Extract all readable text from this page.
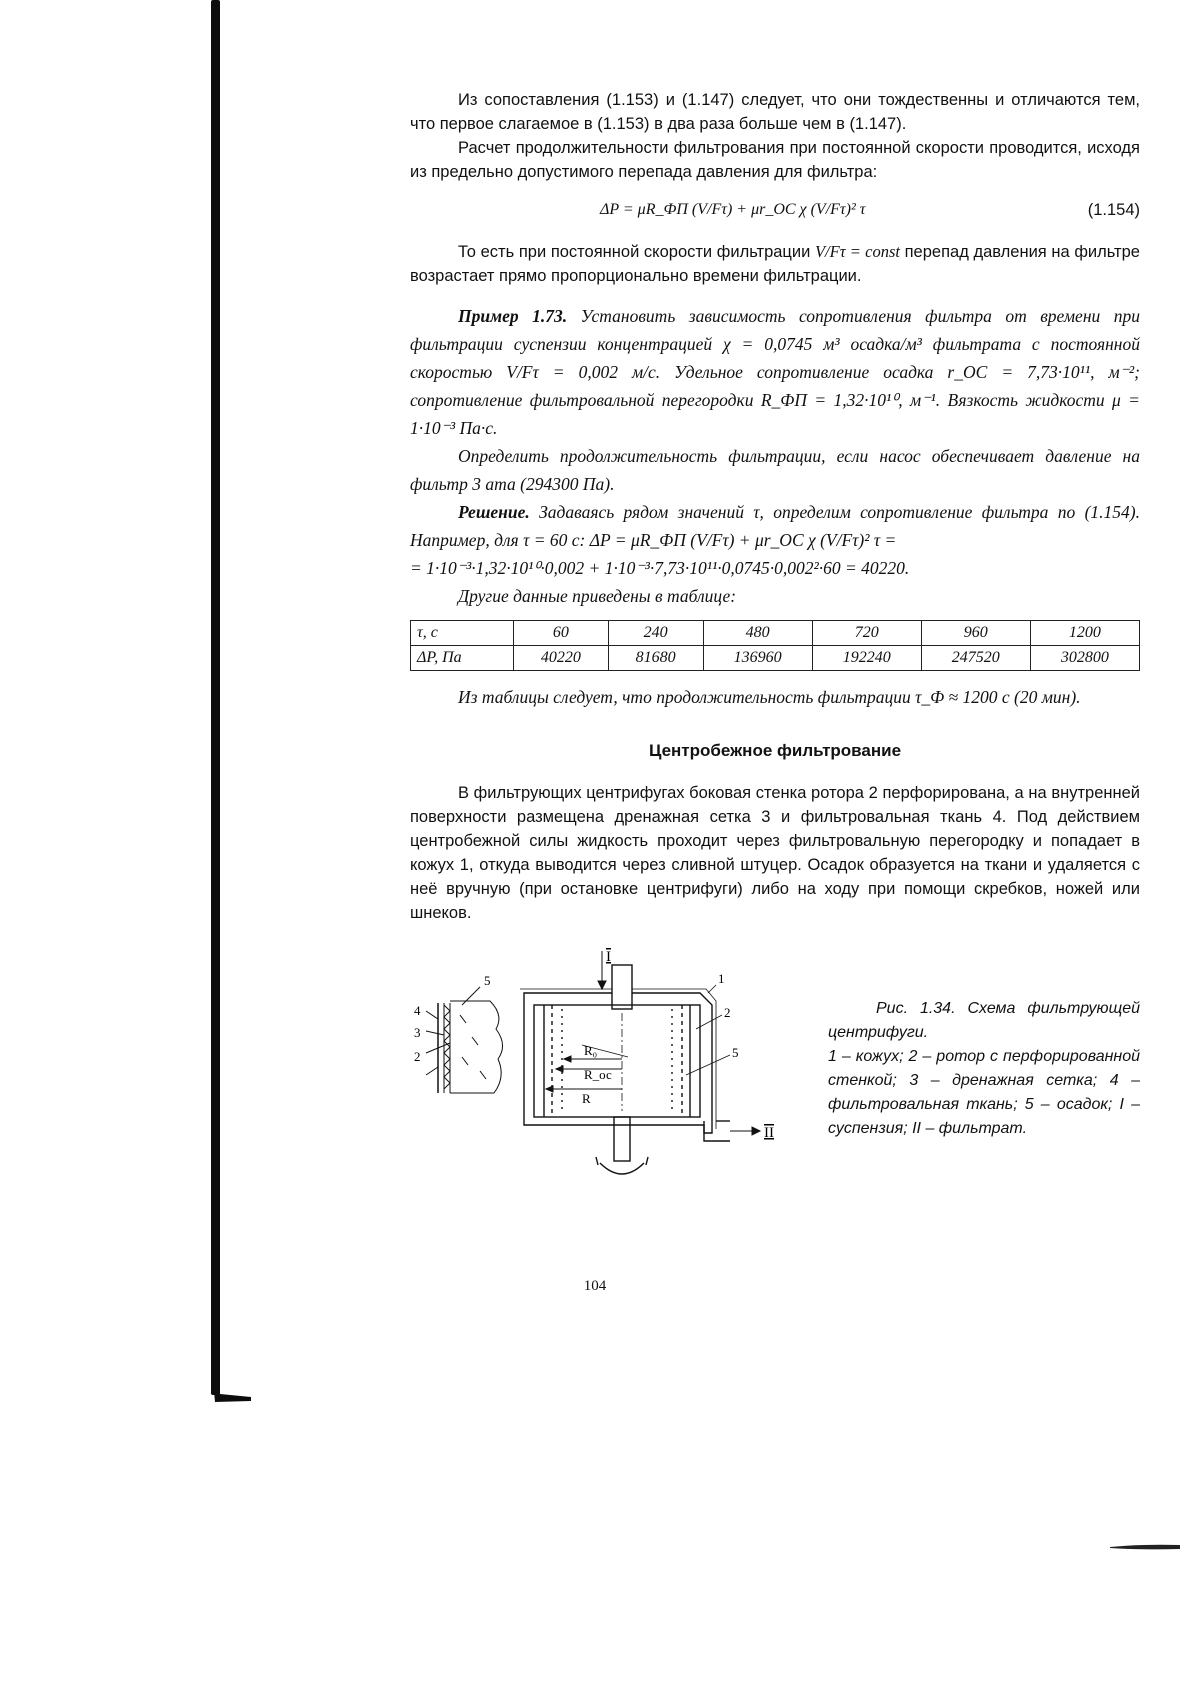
Из сопоставления (1.153) и (1.147) следует, что они тождественны и отличаются тем, что первое слагаемое в (1.153) в два раза больше чем в (1.147).

Расчет продолжительности фильтрования при постоянной скорости проводится, исходя из предельно допустимого перепада давления для фильтра:

ΔP = μR_ФП (V/Fτ) + μr_ОС χ (V/Fτ)² τ	(1.154)

То есть при постоянной скорости фильтрации V/Fτ = const перепад давления на фильтре возрастает прямо пропорционально времени фильтрации.

Пример 1.73. Установить зависимость сопротивления фильтра от времени при фильтрации суспензии концентрацией χ = 0,0745 м³ осадка/м³ фильтрата с постоянной скоростью V/Fτ = 0,002 м/с. Удельное сопротивление осадка r_ОС = 7,73·10¹¹, м⁻²; сопротивление фильтровальной перегородки R_ФП = 1,32·10¹⁰, м⁻¹. Вязкость жидкости μ = 1·10⁻³ Па·с.

Определить продолжительность фильтрации, если насос обеспечивает давление на фильтр 3 ата (294300 Па).

Решение. Задаваясь рядом значений τ, определим сопротивление фильтра по (1.154). Например, для τ = 60 с: ΔP = μR_ФП (V/Fτ) + μr_ОС χ (V/Fτ)² τ =

= 1·10⁻³·1,32·10¹⁰·0,002 + 1·10⁻³·7,73·10¹¹·0,0745·0,002²·60 = 40220.

Другие данные приведены в таблице:

τ, с	60	240	480	720	960	1200
ΔP, Па	40220	81680	136960	192240	247520	302800

Из таблицы следует, что продолжительность фильтрации τ_Ф ≈ 1200 с (20 мин).

Центробежное фильтрование

В фильтрующих центрифугах боковая стенка ротора 2 перфорирована, а на внутренней поверхности размещена дренажная сетка 3 и фильтровальная ткань 4. Под действием центробежной силы жидкость проходит через фильтровальную перегородку и попадает в кожух 1, откуда выводится через сливной штуцер. Осадок образуется на ткани и удаляется с неё вручную (при остановке центрифуги) либо на ходу при помощи скребков, ножей или шнеков.

5
4
3
2	R₀
R_ос
R
I
II
1
2
5
Рис. 1.34. Схема фильтрующей центрифуги.
1 – кожух; 2 – ротор с перфорированной стенкой; 3 – дренажная сетка; 4 – фильтровальная ткань; 5 – осадок; I – суспензия; II – фильтрат.
104
